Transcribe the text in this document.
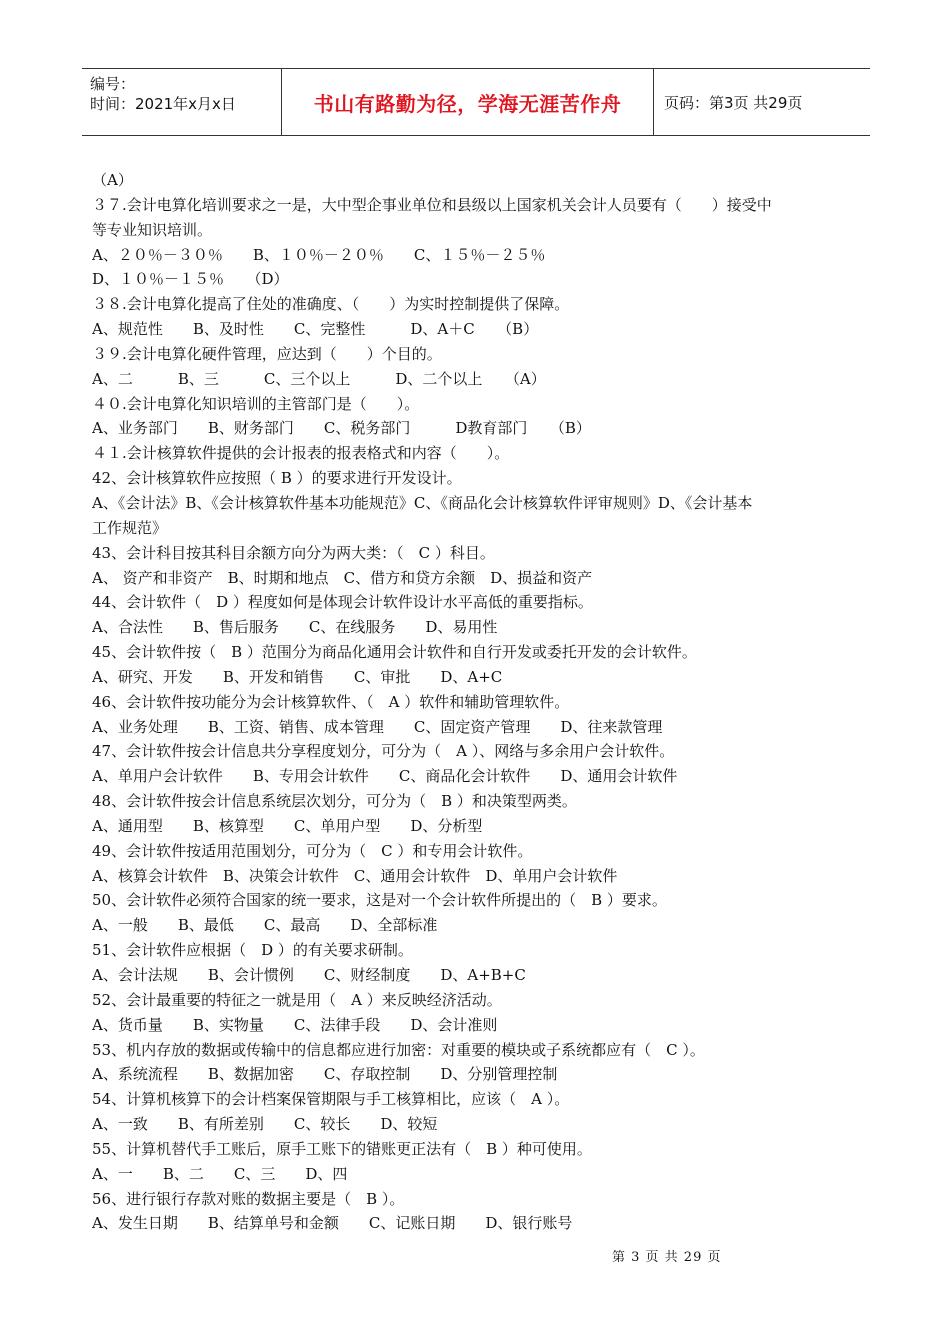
编号：
时间：2021年x月x日	书山有路勤为径，学海无涯苦作舟	页码：第3页 共29页
（A）
３７.会计电算化培训要求之一是，大中型企事业单位和县级以上国家机关会计人员要有（　　）接受中
等专业知识培训。
A、２０％－３０％　　B、１０％－２０％　　C、１５％－２５％
D、１０％－１５％　　（D）
３８.会计电算化提高了住处的准确度、（　　）为实时控制提供了保障。
A、规范性　　B、及时性　　C、完整性　　　D、A＋C　　（B）
３９.会计电算化硬件管理，应达到（　　）个目的。
A、二　　　B、三　　　C、三个以上　　　D、二个以上　　（A）
４０.会计电算化知识培训的主管部门是（　　）。
A、业务部门　　B、财务部门　　C、税务部门　　　D教育部门　　（B）
４１.会计核算软件提供的会计报表的报表格式和内容（　　）。
42、会计核算软件应按照（ B ）的要求进行开发设计。
A、《会计法》B、《会计核算软件基本功能规范》C、《商品化会计核算软件评审规则》D、《会计基本
工作规范》
43、会计科目按其科目余额方向分为两大类：（　C ）科目。
A、 资产和非资产　B、时期和地点　C、借方和贷方余额　D、损益和资产
44、会计软件（　D ）程度如何是体现会计软件设计水平高低的重要指标。
A、合法性　　B、售后服务　　C、在线服务　　D、易用性
45、会计软件按（　B ）范围分为商品化通用会计软件和自行开发或委托开发的会计软件。
A、研究、开发　　B、开发和销售　　C、审批　　D、A+C
46、会计软件按功能分为会计核算软件、（　A ）软件和辅助管理软件。
A、业务处理　　B、工资、销售、成本管理　　C、固定资产管理　　D、往来款管理
47、会计软件按会计信息共分享程度划分，可分为（　A ）、网络与多余用户会计软件。
A、单用户会计软件　　B、专用会计软件　　C、商品化会计软件　　D、通用会计软件
48、会计软件按会计信息系统层次划分，可分为（　B ）和决策型两类。
A、通用型　　B、核算型　　C、单用户型　　D、分析型
49、会计软件按适用范围划分，可分为（　C ）和专用会计软件。
A、核算会计软件　B、决策会计软件　C、通用会计软件　D、单用户会计软件
50、会计软件必须符合国家的统一要求，这是对一个会计软件所提出的（　B ）要求。
A、一般　　B、最低　　C、最高　　D、全部标准
51、会计软件应根据（　D ）的有关要求研制。
A、会计法规　　B、会计惯例　　C、财经制度　　D、A+B+C
52、会计最重要的特征之一就是用（　A ）来反映经济活动。
A、货币量　　B、实物量　　C、法律手段　　D、会计准则
53、机内存放的数据或传输中的信息都应进行加密：对重要的模块或子系统都应有（　C ）。
A、系统流程　　B、数据加密　　C、存取控制　　D、分别管理控制
54、计算机核算下的会计档案保管期限与手工核算相比，应该（　A ）。
A、一致　　B、有所差别　　C、较长　　D、较短
55、计算机替代手工账后，原手工账下的错账更正法有（　B ）种可使用。
A、一　　B、二　　C、三　　D、四
56、进行银行存款对账的数据主要是（　B ）。
A、发生日期　　B、结算单号和金额　　C、记账日期　　D、银行账号
第 3 页 共 29 页
